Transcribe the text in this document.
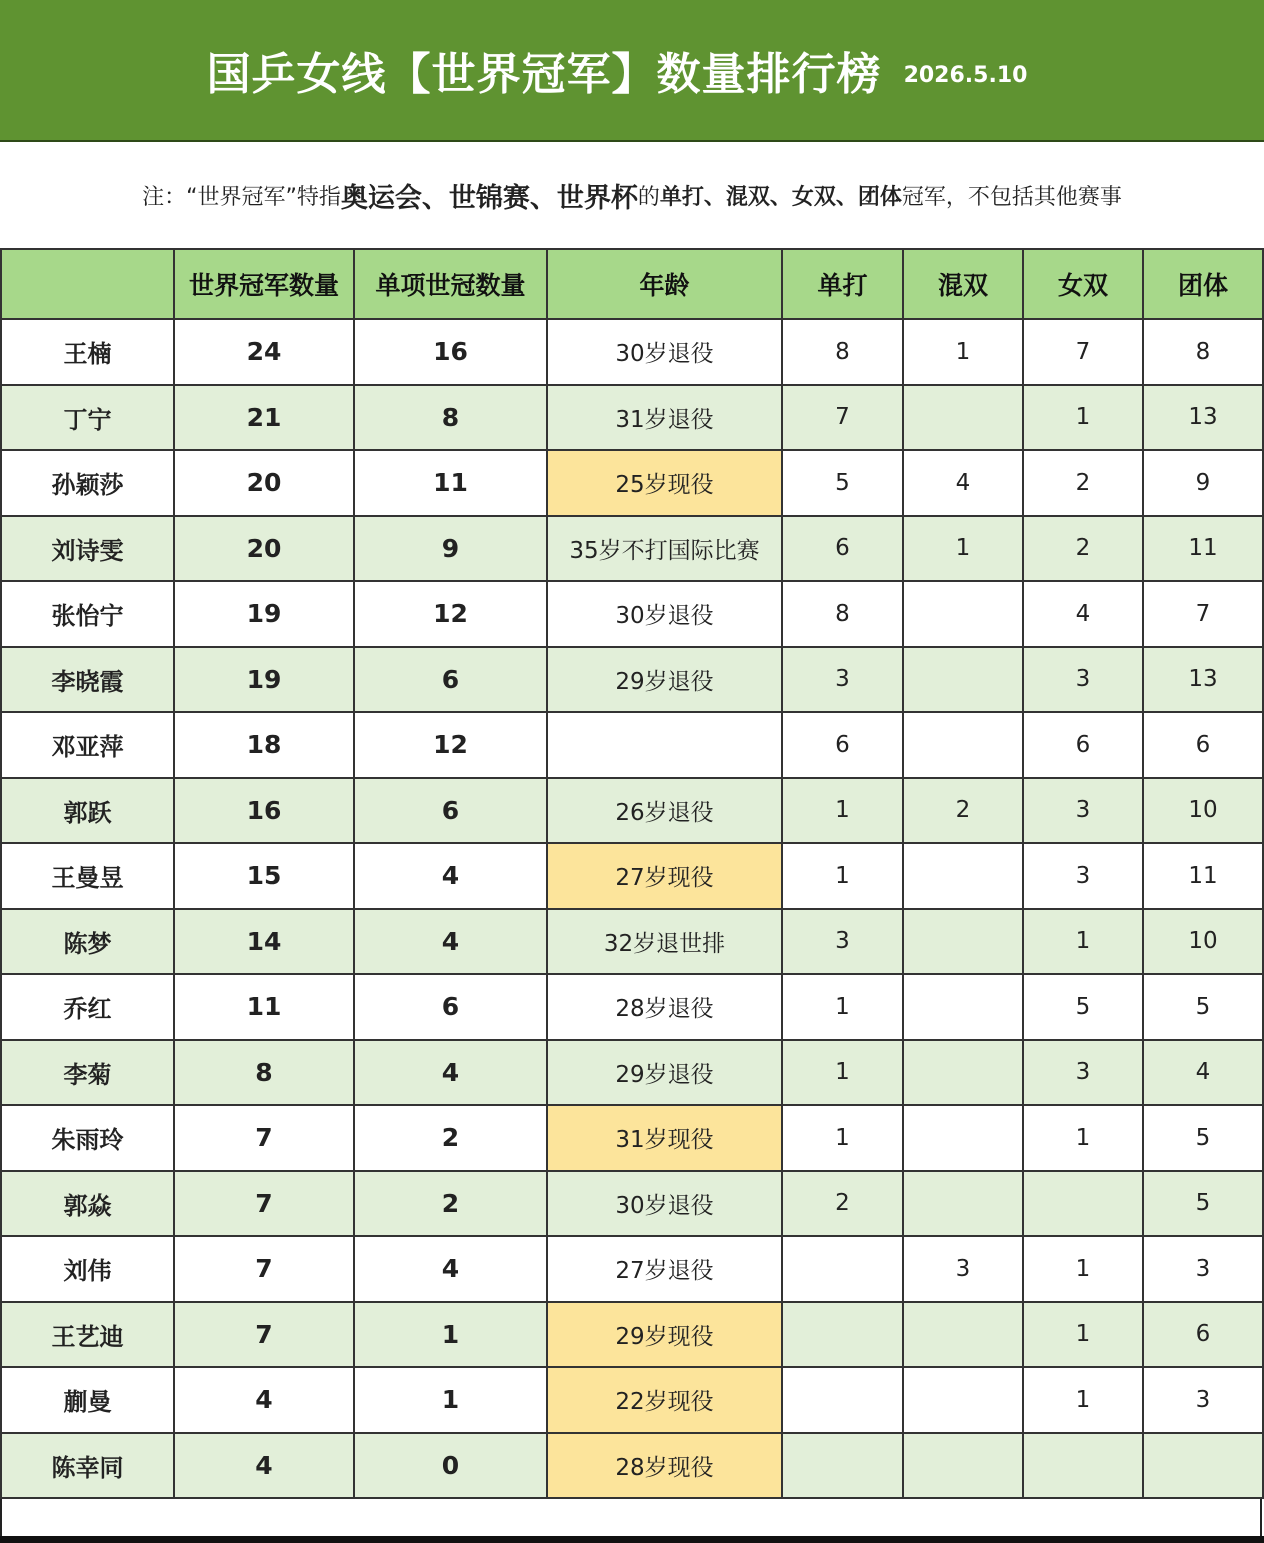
国乒女线【世界冠军】数量排行榜 2026.5.10
注：“世界冠军”特指 奥运会、世锦赛、世界杯 的 单打、混双、女双、团体 冠军，不包括其他赛事
	世界冠军数量	单项世冠数量	年龄	单打	混双	女双	团体
王楠	24	16	30岁退役	8	1	7	8
丁宁	21	8	31岁退役	7		1	13
孙颖莎	20	11	25岁现役	5	4	2	9
刘诗雯	20	9	35岁不打国际比赛	6	1	2	11
张怡宁	19	12	30岁退役	8		4	7
李晓霞	19	6	29岁退役	3		3	13
邓亚萍	18	12		6		6	6
郭跃	16	6	26岁退役	1	2	3	10
王曼昱	15	4	27岁现役	1		3	11
陈梦	14	4	32岁退世排	3		1	10
乔红	11	6	28岁退役	1		5	5
李菊	8	4	29岁退役	1		3	4
朱雨玲	7	2	31岁现役	1		1	5
郭焱	7	2	30岁退役	2			5
刘伟	7	4	27岁退役		3	1	3
王艺迪	7	1	29岁现役			1	6
蒯曼	4	1	22岁现役			1	3
陈幸同	4	0	28岁现役				
